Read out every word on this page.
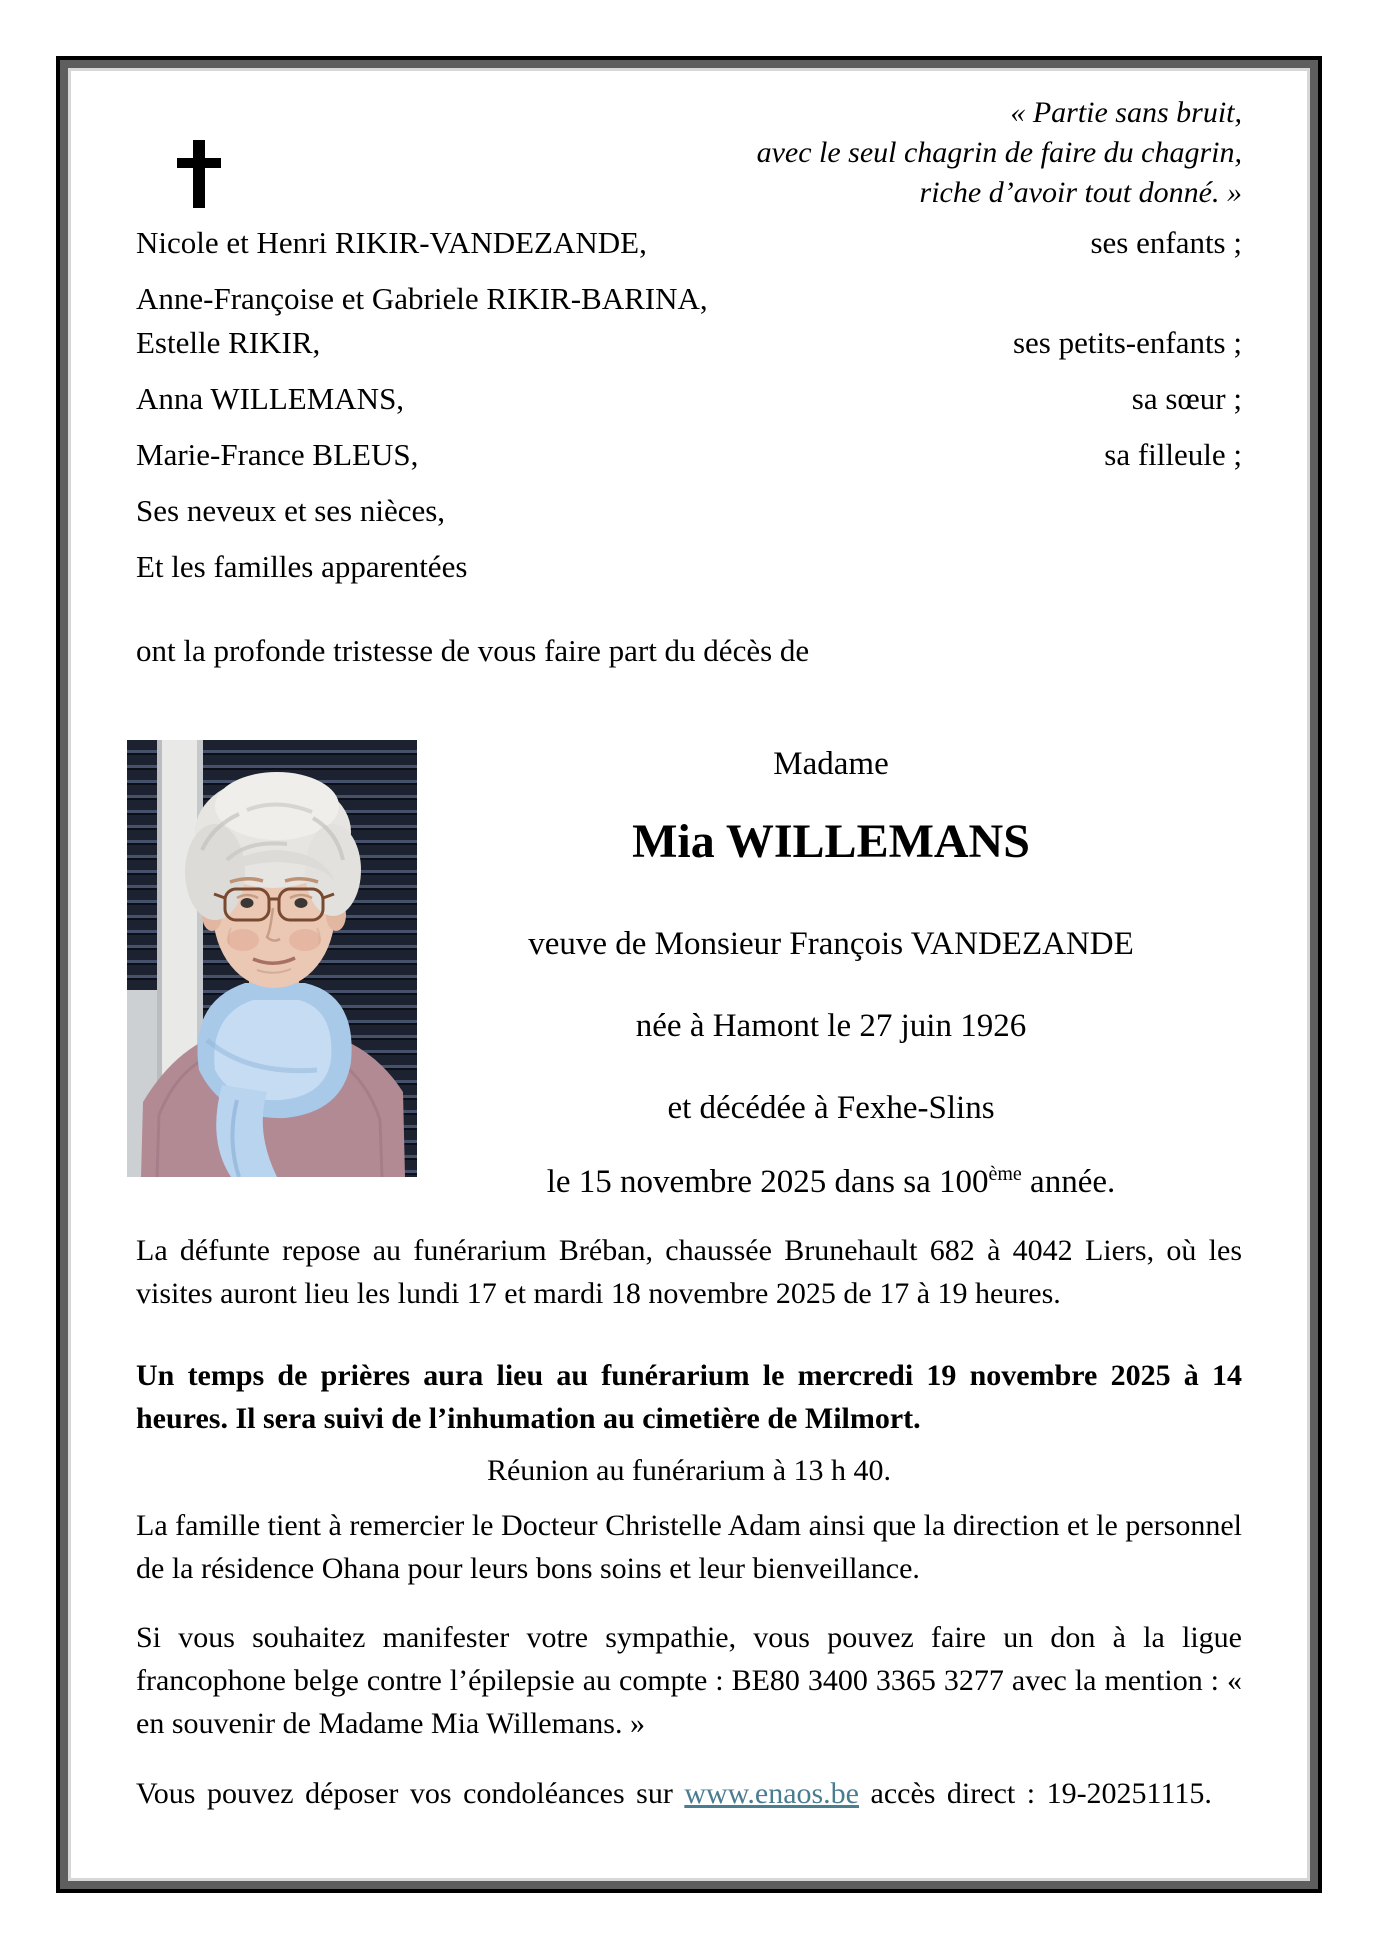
« Partie sans bruit,
avec le seul chagrin de faire du chagrin,
riche d’avoir tout donné. »
Nicole et Henri RIKIR-VANDEZANDE,	ses enfants ;
Anne-Françoise et Gabriele RIKIR-BARINA,
Estelle RIKIR,	ses petits-enfants ;
Anna WILLEMANS,	sa sœur ;
Marie-France BLEUS,	sa filleule ;
Ses neveux et ses nièces,
Et les familles apparentées
ont la profonde tristesse de vous faire part du décès de
Madame
Mia WILLEMANS
veuve de Monsieur François VANDEZANDE
née à Hamont le 27 juin 1926
et décédée à Fexhe-Slins
le 15 novembre 2025 dans sa 100ème année.
La défunte repose au funérarium Bréban, chaussée Brunehault 682 à 4042 Liers, où les visites auront lieu les lundi 17 et mardi 18 novembre 2025 de 17 à 19 heures.
Un temps de prières aura lieu au funérarium le mercredi 19 novembre 2025 à 14 heures. Il sera suivi de l’inhumation au cimetière de Milmort.
Réunion au funérarium à 13 h 40.
La famille tient à remercier le Docteur Christelle Adam ainsi que la direction et le personnel de la résidence Ohana pour leurs bons soins et leur bienveillance.
Si vous souhaitez manifester votre sympathie, vous pouvez faire un don à la ligue francophone belge contre l’épilepsie au compte : BE80 3400 3365 3277 avec la mention : « en souvenir de Madame Mia Willemans. »
Vous pouvez déposer vos condoléances sur www.enaos.be accès direct : 19-20251115.
